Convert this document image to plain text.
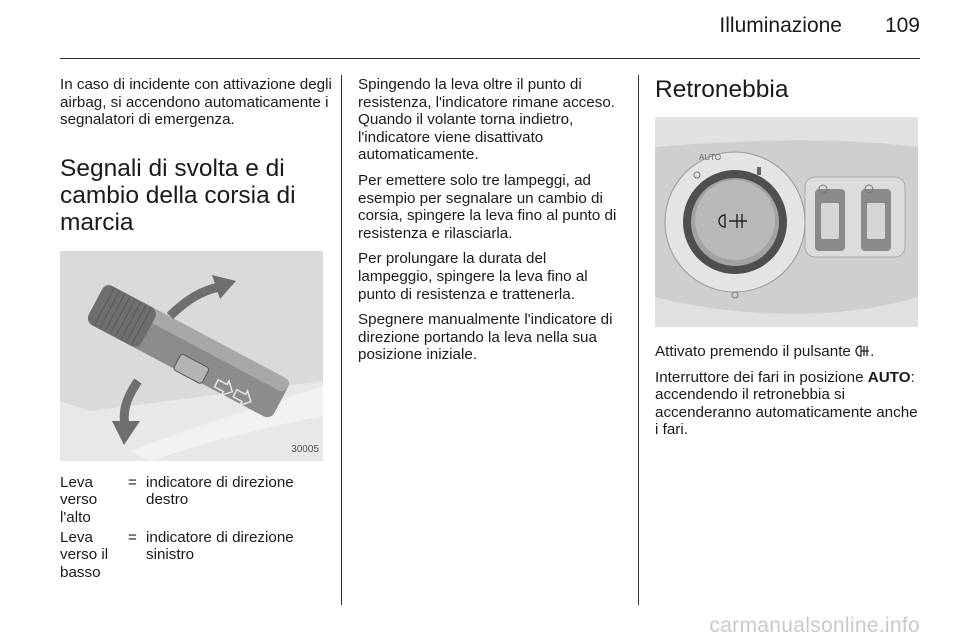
Illuminazione 109

In caso di incidente con attivazione degli airbag, si accendono automaticamente i segnalatori di emergenza.

Segnali di svolta e di cambio della corsia di marcia
30005
Leva verso l'alto
= indicatore di direzione destro
Leva verso il basso
= indicatore di direzione sinistro

Spingendo la leva oltre il punto di resistenza, l'indicatore rimane acceso. Quando il volante torna indietro, l'indicatore viene disattivato automaticamente.

Per emettere solo tre lampeggi, ad esempio per segnalare un cambio di corsia, spingere la leva fino al punto di resistenza e rilasciarla.

Per prolungare la durata del lampeggio, spingere la leva fino al punto di resistenza e trattenerla.

Spegnere manualmente l'indicatore di direzione portando la leva nella sua posizione iniziale.

Retronebbia
AUTO

Attivato premendo il pulsante .

Interruttore dei fari in posizione AUTO: accendendo il retronebbia si accenderanno automaticamente anche i fari.

carmanualsonline.info
